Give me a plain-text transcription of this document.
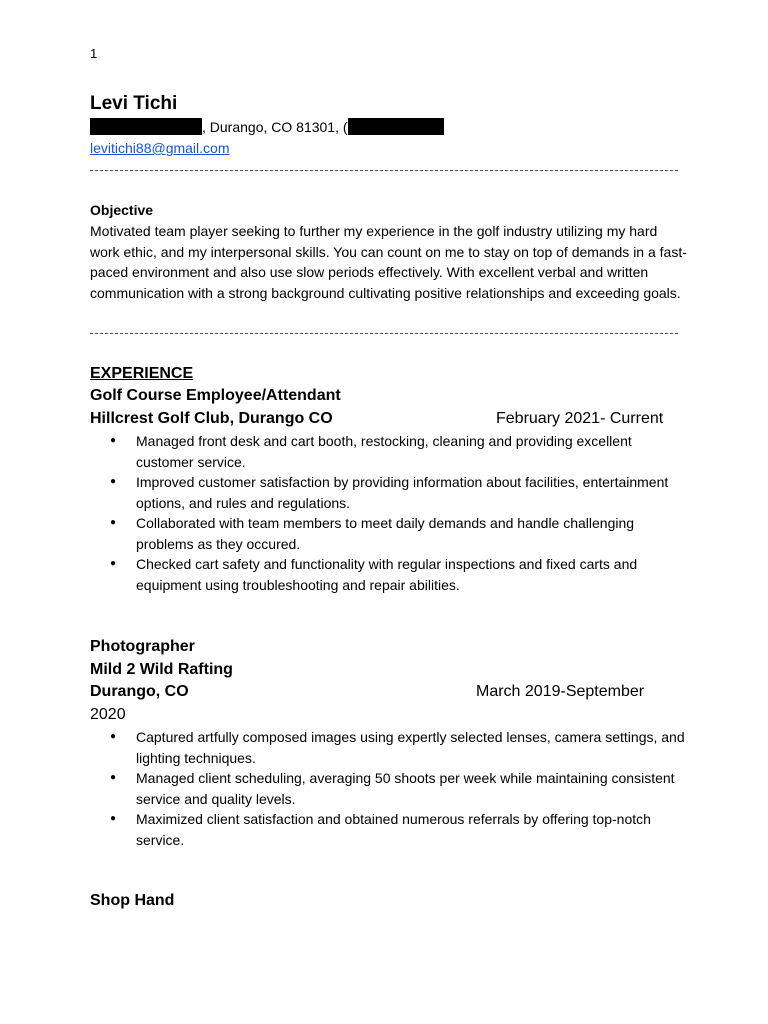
1
Levi Tichi
, Durango, CO 81301, (
levitichi88@gmail.com
Objective
Motivated team player seeking to further my experience in the golf industry utilizing my hard work ethic, and my interpersonal skills. You can count on me to stay on top of demands in a fast-paced environment and also use slow periods effectively. With excellent verbal and written communication with a strong background cultivating positive relationships and exceeding goals.
EXPERIENCE
Golf Course Employee/Attendant
Hillcrest Golf Club, Durango CO	February 2021- Current
● Managed front desk and cart booth, restocking, cleaning and providing excellent customer service.
● Improved customer satisfaction by providing information about facilities, entertainment options, and rules and regulations.
● Collaborated with team members to meet daily demands and handle challenging problems as they occured.
● Checked cart safety and functionality with regular inspections and fixed carts and equipment using troubleshooting and repair abilities.
Photographer
Mild 2 Wild Rafting
Durango, CO	March 2019-September
2020
● Captured artfully composed images using expertly selected lenses, camera settings, and lighting techniques.
● Managed client scheduling, averaging 50 shoots per week while maintaining consistent service and quality levels.
● Maximized client satisfaction and obtained numerous referrals by offering top-notch service.
Shop Hand
